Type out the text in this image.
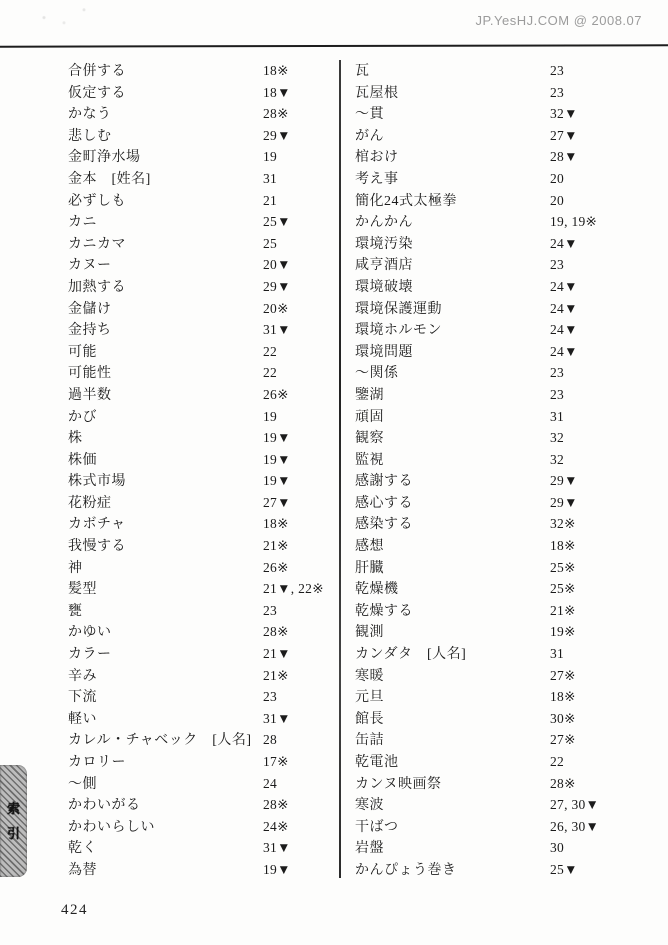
JP.YesHJ.COM @ 2008.07
合併する	18※
仮定する	18▼
かなう	28※
悲しむ	29▼
金町浄水場	19
金本　[姓名]	31
必ずしも	21
カニ	25▼
カニカマ	25
カヌー	20▼
加熱する	29▼
金儲け	20※
金持ち	31▼
可能	22
可能性	22
過半数	26※
かび	19
株	19▼
株価	19▼
株式市場	19▼
花粉症	27▼
カボチャ	18※
我慢する	21※
神	26※
髪型	21▼, 22※
甕	23
かゆい	28※
カラー	21▼
辛み	21※
下流	23
軽い	31▼
カレル・チャベック　[人名] 28
カロリー	17※
～側	24
かわいがる	28※
かわいらしい	24※
乾く	31▼
為替	19▼
瓦	23
瓦屋根	23
～貫	32▼
がん	27▼
棺おけ	28▼
考え事	20
簡化24式太極拳	20
かんかん	19, 19※
環境汚染	24▼
咸亨酒店	23
環境破壊	24▼
環境保護運動	24▼
環境ホルモン	24▼
環境問題	24▼
～関係	23
鑒湖	23
頑固	31
観察	32
監視	32
感謝する	29▼
感心する	29▼
感染する	32※
感想	18※
肝臓	25※
乾燥機	25※
乾燥する	21※
観測	19※
カンダタ　[人名]	31
寒暖	27※
元旦	18※
館長	30※
缶詰	27※
乾電池	22
カンヌ映画祭	28※
寒波	27, 30▼
干ばつ	26, 30▼
岩盤	30
かんぴょう巻き	25▼
索
引
424
